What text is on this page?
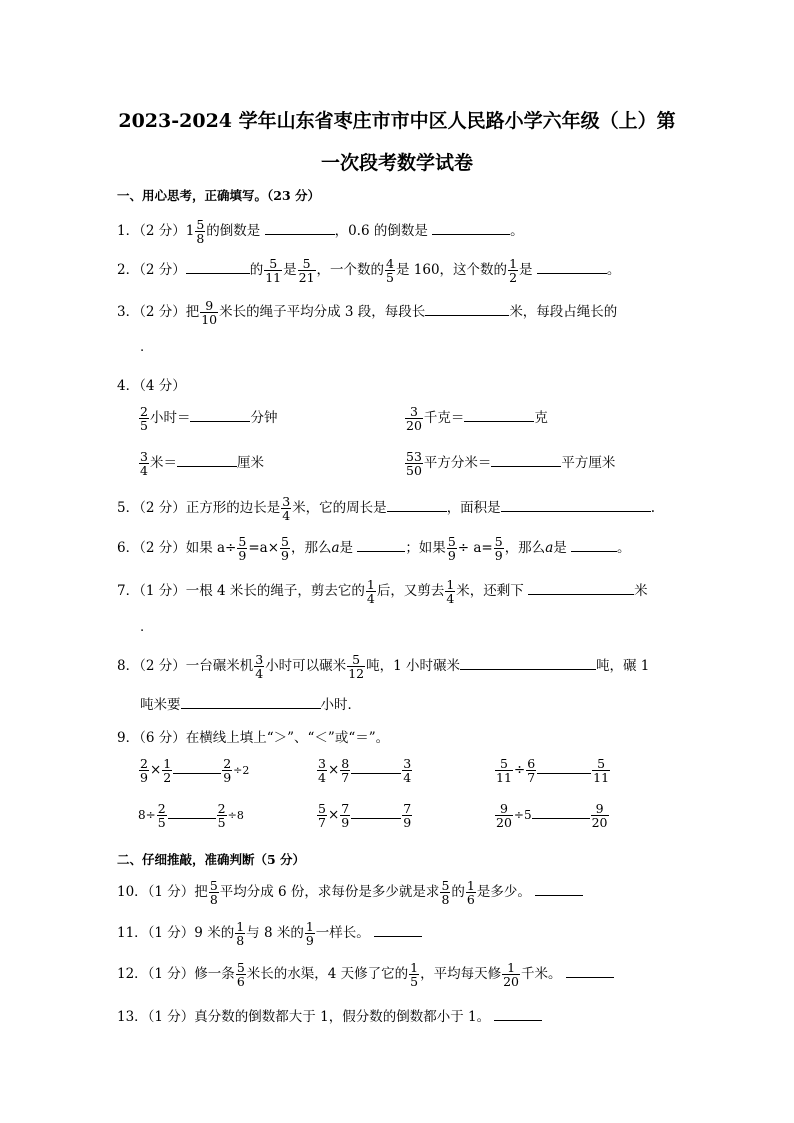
2023-2024 学年山东省枣庄市市中区人民路小学六年级（上）第
一次段考数学试卷
一、用心思考，正确填写。（23 分）
1．（2 分）$1 \frac{5}{8}$ 的倒数是	，0.6 的倒数是	。
2．（2 分）	的 $\frac{5}{11}$ 是 $\frac{5}{21}$ ，一个数的 $\frac{4}{5}$ 是 160，这个数的 $\frac{1}{2}$ 是	。
3．（2 分）把 $\frac{9}{10}$ 米长的绳子平均分成 3 段，每段长	米，每段占绳长的
.
4．（4 分）
$\frac{2}{5}$ 小时＝	分钟	$\frac{3}{20}$ 千克＝	克
$\frac{3}{4}$ 米＝	厘米	$\frac{53}{50}$ 平方分米＝	平方厘米
5．（2 分）正方形的边长是 $\frac{3}{4}$ 米，它的周长是	，面积是	.
6．（2 分）如果 $a\div \frac{5}{9} =a\times \frac{5}{9}$ ，那么a是	；如果 $\frac{5}{9} \div a= \frac{5}{9}$ ，那么a是	。
7．（1 分）一根 4 米长的绳子，剪去它的 $\frac{1}{4}$ 后，又剪去 $\frac{1}{4}$ 米，还剩下	米
.
8．（2 分）一台碾米机 $\frac{3}{4}$ 小时可以碾米 $\frac{5}{12}$ 吨，1 小时碾米	吨，碾 1
吨米要	小时．
9．（6 分）在横线上填上“＞”、“＜”或“＝”。
$\frac{2}{9} \times \frac{1}{2}$	$\frac{2}{9} \div 2$	$\frac{3}{4} \times \frac{8}{7}$	$\frac{3}{4}$	$\frac{5}{11} \div \frac{6}{7}$	$\frac{5}{11}$
$8\div \frac{2}{5}$	$\frac{2}{5} \div 8$	$\frac{5}{7} \times \frac{7}{9}$	$\frac{7}{9}$	$\frac{9}{20} \div 5$	$\frac{9}{20}$
二、仔细推敲，准确判断（5 分）
10．（1 分）把 $\frac{5}{8}$ 平均分成 6 份，求每份是多少就是求 $\frac{5}{8}$ 的 $\frac{1}{6}$ 是多少。
11．（1 分）9 米的 $\frac{1}{8}$ 与 8 米的 $\frac{1}{9}$ 一样长。
12．（1 分）修一条 $\frac{5}{6}$ 米长的水渠，4 天修了它的 $\frac{1}{5}$ ，平均每天修 $\frac{1}{20}$ 千米。
13．（1 分）真分数的倒数都大于 1，假分数的倒数都小于 1。
